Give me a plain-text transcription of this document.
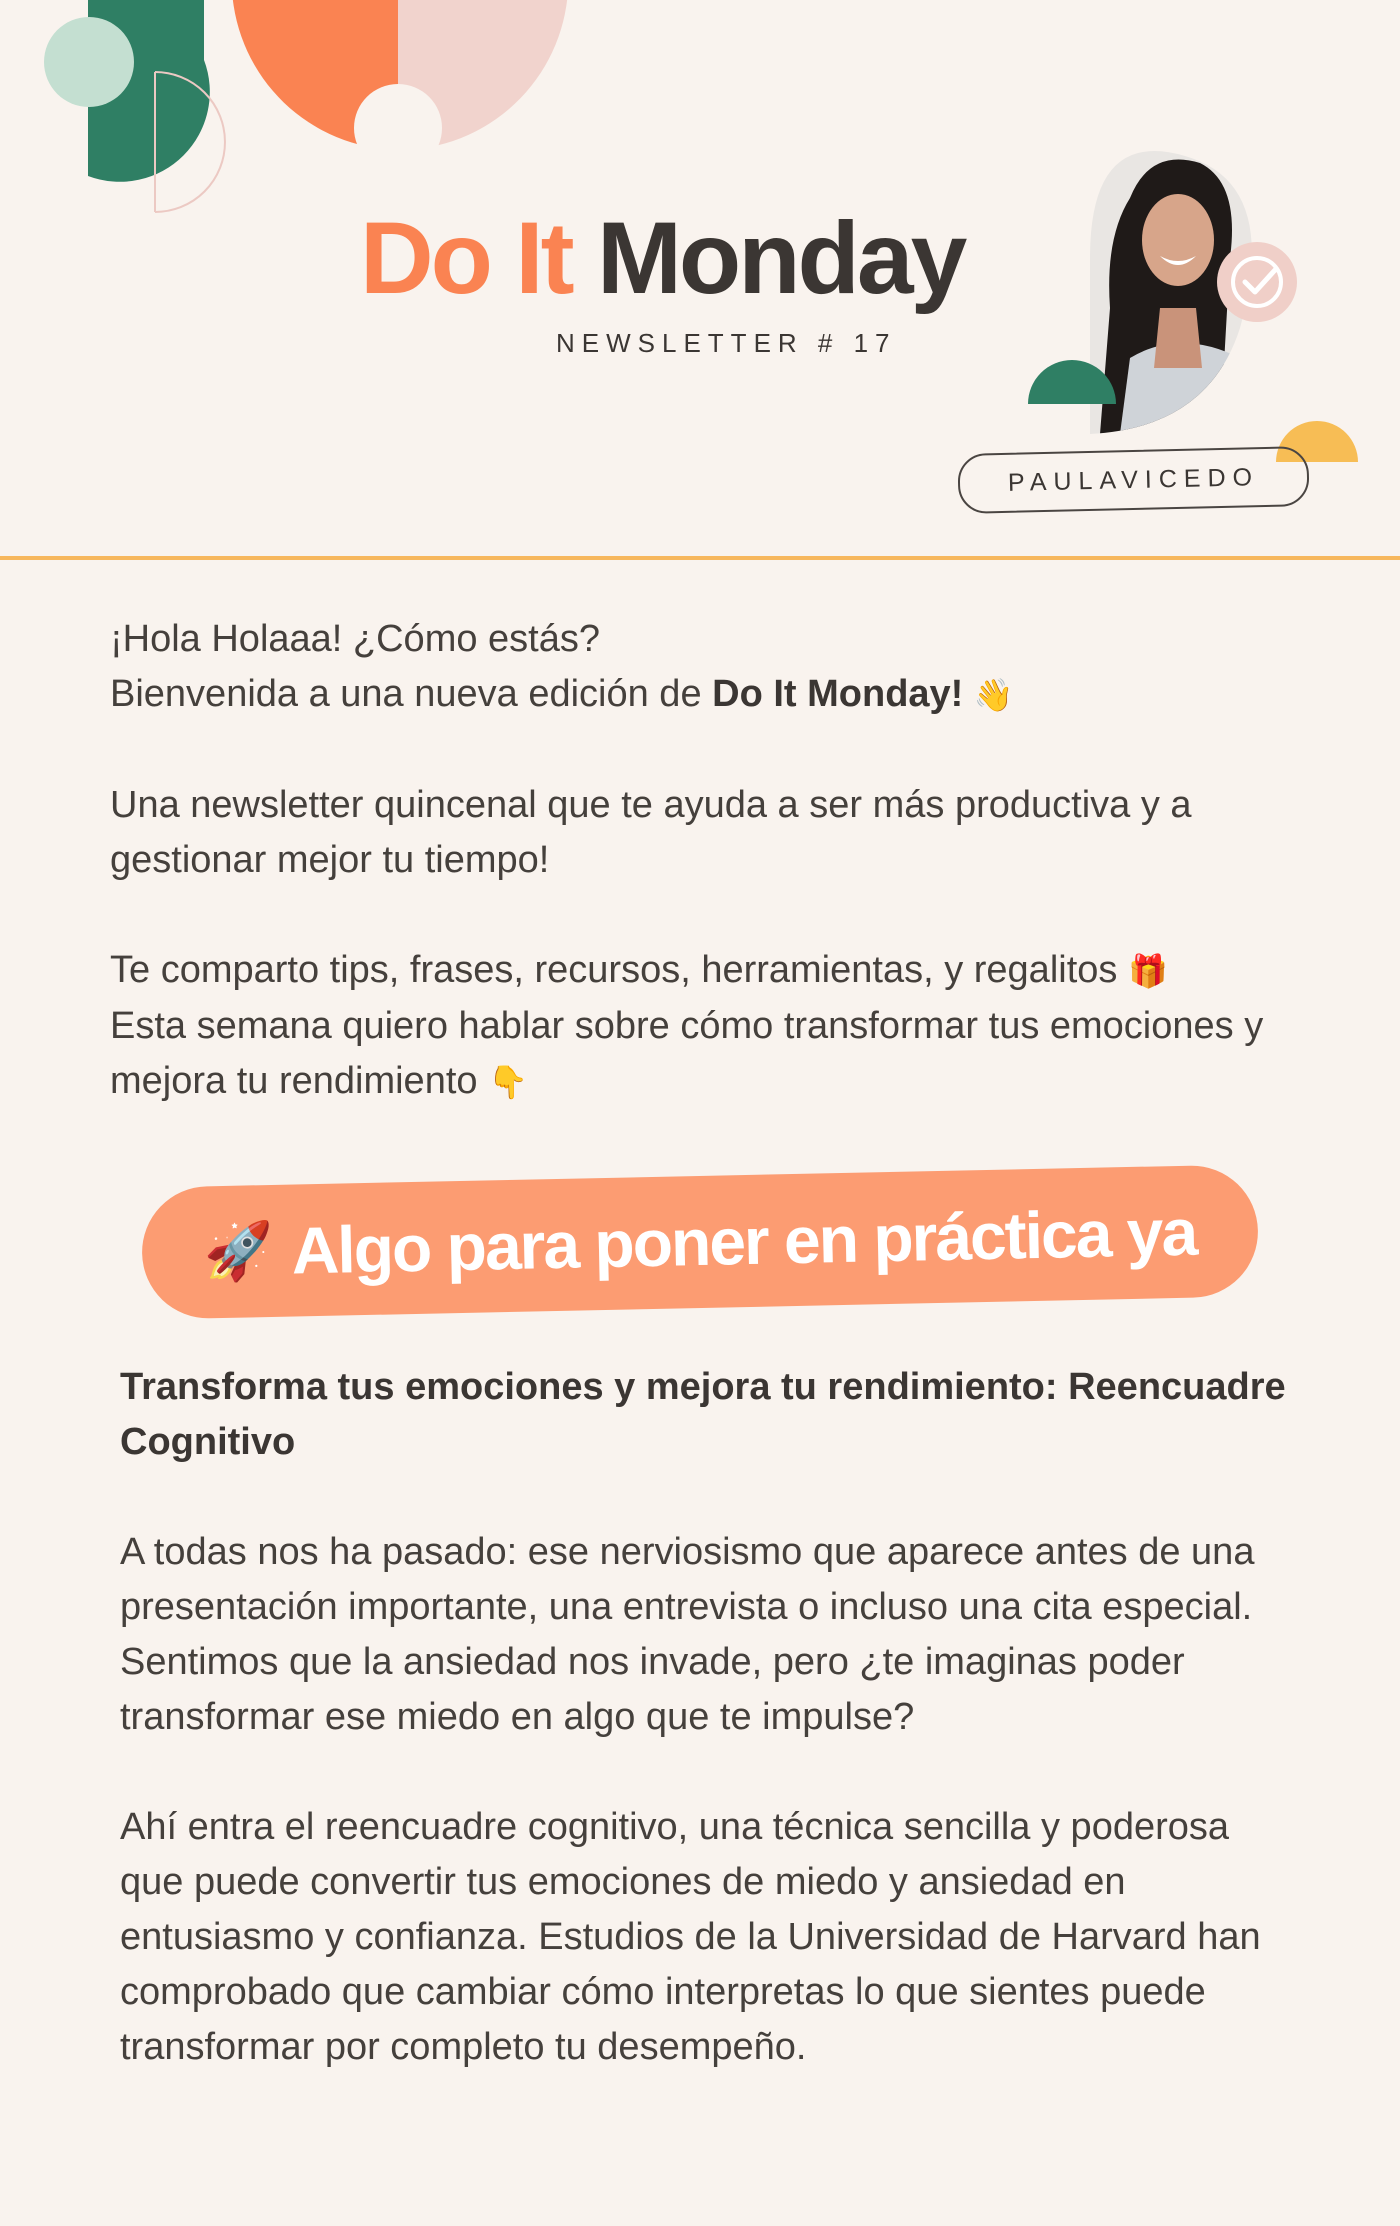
Do It Monday
NEWSLETTER # 17
PAULAVICEDO

¡Hola Holaaa! ¿Cómo estás?
Bienvenida a una nueva edición de Do It Monday! 👋

Una newsletter quincenal que te ayuda a ser más productiva y a gestionar mejor tu tiempo!

Te comparto tips, frases, recursos, herramientas, y regalitos 🎁
Esta semana quiero hablar sobre cómo transformar tus emociones y mejora tu rendimiento 👇

🚀 Algo para poner en práctica ya

Transforma tus emociones y mejora tu rendimiento: Reencuadre Cognitivo

A todas nos ha pasado: ese nerviosismo que aparece antes de una presentación importante, una entrevista o incluso una cita especial. Sentimos que la ansiedad nos invade, pero ¿te imaginas poder transformar ese miedo en algo que te impulse?

Ahí entra el reencuadre cognitivo, una técnica sencilla y poderosa que puede convertir tus emociones de miedo y ansiedad en entusiasmo y confianza. Estudios de la Universidad de Harvard han comprobado que cambiar cómo interpretas lo que sientes puede transformar por completo tu desempeño.
